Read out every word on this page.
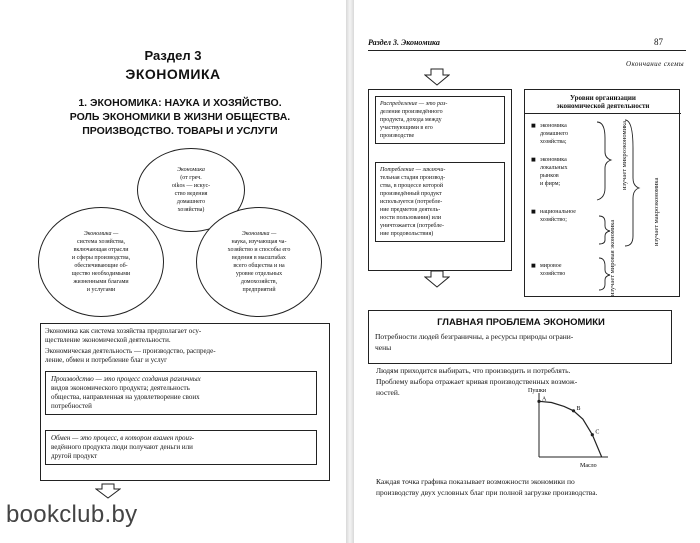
Раздел 3
ЭКОНОМИКА
1. ЭКОНОМИКА: НАУКА И ХОЗЯЙСТВО.
РОЛЬ ЭКОНОМИКИ В ЖИЗНИ ОБЩЕСТВА.
ПРОИЗВОДСТВО. ТОВАРЫ И УСЛУГИ
Экономика
(от греч.
oikos — искус-
ство ведения
домашнего
хозяйства)
Экономика —
система хозяйства,
включающая отрасли
и сферы производства,
обеспечивающие об-
щество необходимыми
жизненными благами
и услугами
Экономика —
наука, изучающая ча-
хозяйство и способы его
ведения в масштабах
всего общества и на
уровне отдельных
домохозяйств,
предприятий
Экономика как система хозяйства предполагает осу-
ществление экономической деятельности.
Экономическая деятельность — производство, распреде-
ление, обмен и потребление благ и услуг
Производство — это процесс создания различных
видов экономического продукта; деятельность
общества, направленная на удовлетворение своих
потребностей
Обмен — это процесс, в котором взамен произ-
ведённого продукта люди получают деньги или
другой продукт
bookclub.by
Раздел 3. Экономика	87
Окончание схемы
Распределение — это раз-
деление произведённого
продукта, дохода между
участвующими в его
производстве
Потребление — заключи-
тельная стадия производ-
ства, в процессе которой
произведённый продукт
используется (потребле-
ние предметов деятель-
ности пользования) или
уничтожается (потребле-
ние продовольствия)
Уровни организации
экономической деятельности
■ экономика
домашнего
хозяйства;
■ экономика
локальных
рынков
и фирм;
■ национальное
хозяйство;
■ мировое
хозяйство
изучает микроэкономика
изучает макроэкономика
изучает мировая экономика
ГЛАВНАЯ ПРОБЛЕМА ЭКОНОМИКИ
Потребности людей безграничны, а ресурсы природы ограни-
чены
Людям приходится выбирать, что производить и потреблять.
Проблему выбора отражает кривая производственных возмож-
ностей.	Пушки
Масло
A
B
C
Каждая точка графика показывает возможности экономики по
производству двух условных благ при полной загрузке производства.
